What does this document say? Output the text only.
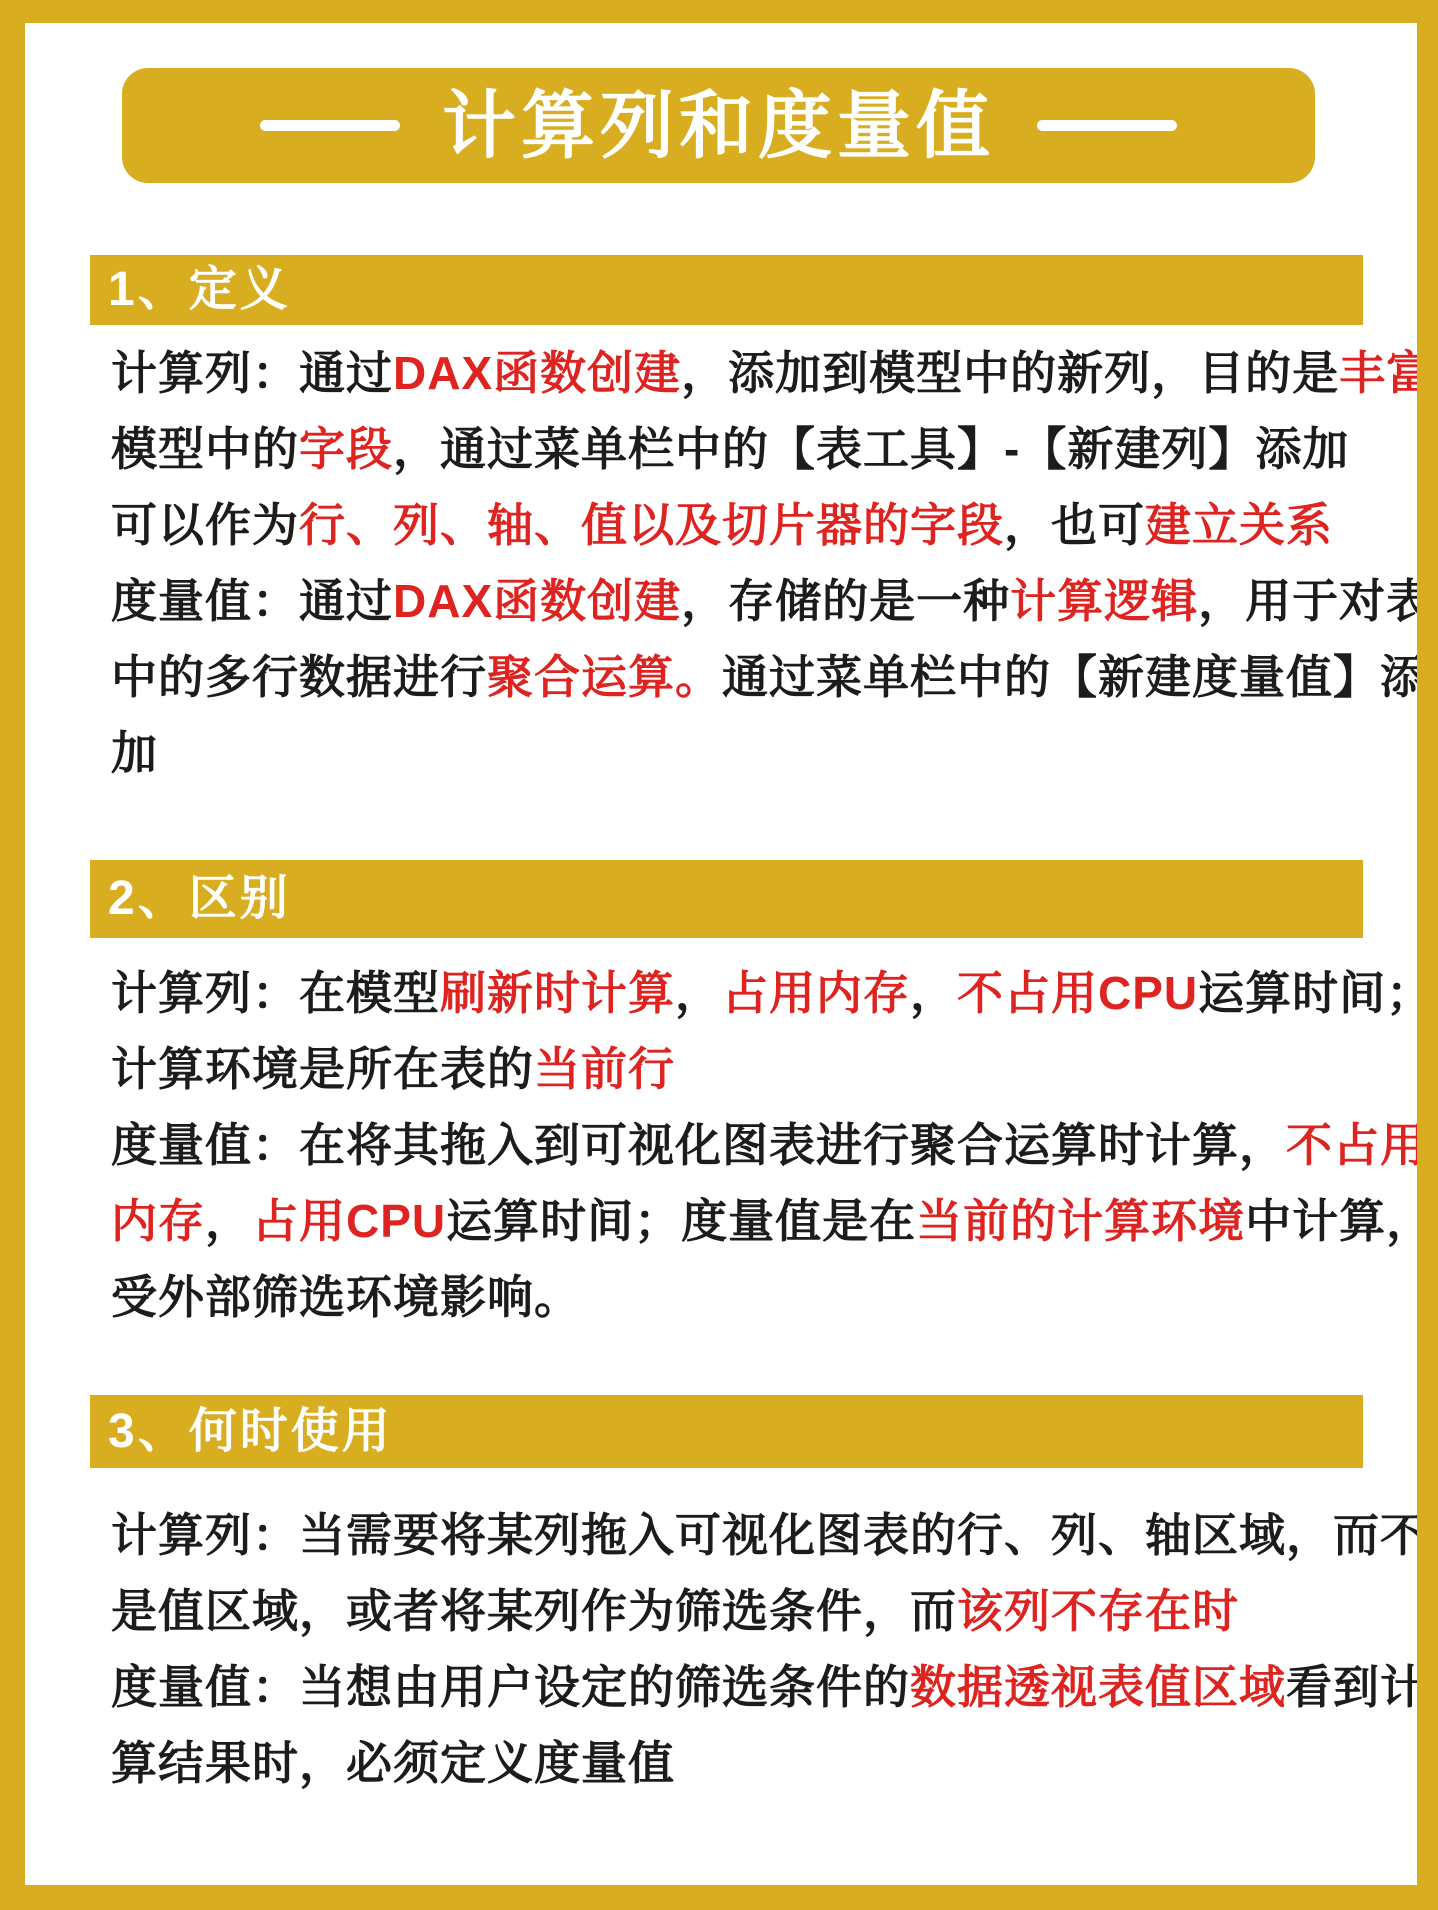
计算列和度量值
1、定义

计算列：通过DAX函数创建，添加到模型中的新列，目的是丰富

模型中的字段，通过菜单栏中的【表工具】-【新建列】添加

可以作为行、列、轴、值以及切片器的字段，也可建立关系

度量值：通过DAX函数创建，存储的是一种计算逻辑，用于对表

中的多行数据进行聚合运算。通过菜单栏中的【新建度量值】添

加

2、区别

计算列：在模型刷新时计算，占用内存，不占用CPU运算时间；

计算环境是所在表的当前行

度量值：在将其拖入到可视化图表进行聚合运算时计算，不占用

内存，占用CPU运算时间；度量值是在当前的计算环境中计算，

受外部筛选环境影响。

3、何时使用

计算列：当需要将某列拖入可视化图表的行、列、轴区域，而不

是值区域，或者将某列作为筛选条件，而该列不存在时

度量值：当想由用户设定的筛选条件的数据透视表值区域看到计

算结果时，必须定义度量值
